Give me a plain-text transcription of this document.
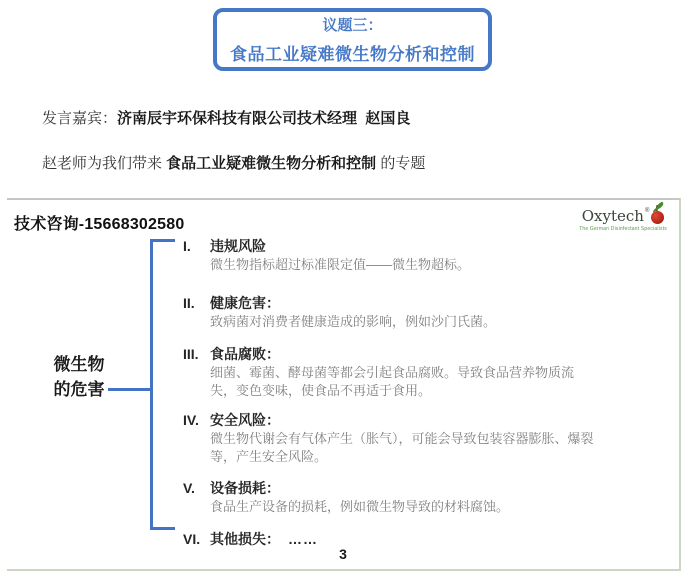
议题三：
食品工业疑难微生物分析和控制

发言嘉宾：济南辰宇环保科技有限公司技术经理  赵国良

赵老师为我们带来 食品工业疑难微生物分析和控制 的专题

技术咨询-15668302580	Oxytech ®
The German Disinfectant Specialists
微生物
的危害
I.	违规风险
微生物指标超过标准限定值——微生物超标。
II.	健康危害：
致病菌对消费者健康造成的影响，例如沙门氏菌。
III. 食品腐败：
细菌、霉菌、酵母菌等都会引起食品腐败。导致食品营养物质流失，变色变味，使食品不再适于食用。
IV. 安全风险：
微生物代谢会有气体产生（胀气），可能会导致包装容器膨胀、爆裂等，产生安全风险。
V.	设备损耗：
食品生产设备的损耗，例如微生物导致的材料腐蚀。
VI. 其他损失： ……
3
